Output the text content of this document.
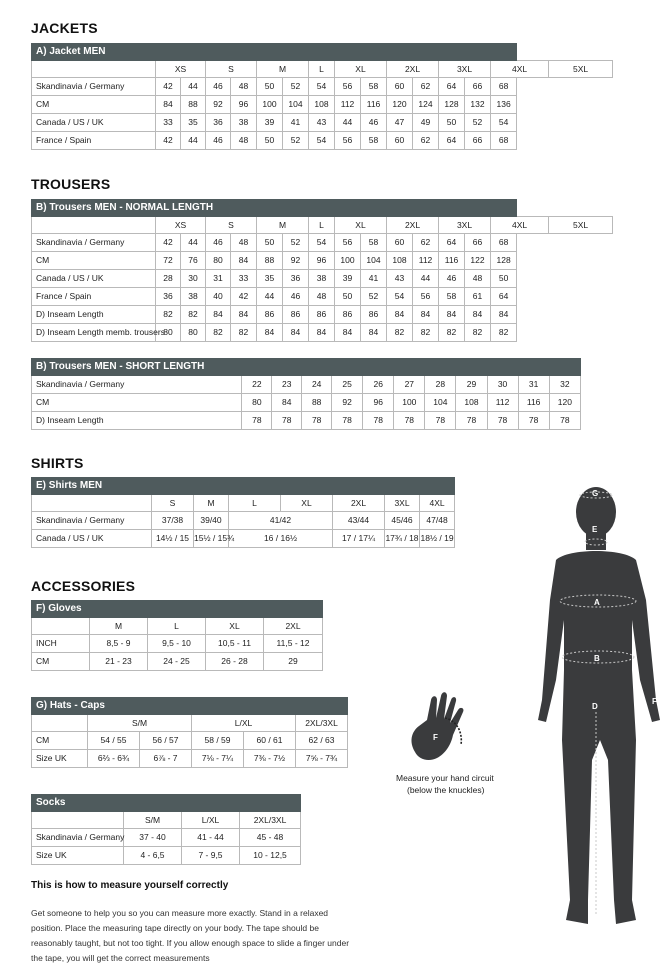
JACKETS
A) Jacket MEN															
	XS		S		M		L	XL		2XL		3XL		4XL	5XL
Skandinavia / Germany	42	44	46	48	50	52	54	56	58	60	62	64	66	68	
CM	84	88	92	96	100	104	108	112	116	120	124	128	132	136	
Canada / US / UK	33	35	36	38	39	41	43	44	46	47	49	50	52	54	
France / Spain	42	44	46	48	50	52	54	56	58	60	62	64	66	68	
TROUSERS
B) Trousers MEN - NORMAL LENGTH															
	XS		S		M		L	XL		2XL		3XL		4XL	5XL
Skandinavia / Germany	42	44	46	48	50	52	54	56	58	60	62	64	66	68	
CM	72	76	80	84	88	92	96	100	104	108	112	116	122	128	
Canada / US / UK	28	30	31	33	35	36	38	39	41	43	44	46	48	50	
France / Spain	36	38	40	42	44	46	48	50	52	54	56	58	61	64	
D) Inseam Length	82	82	84	84	86	86	86	86	86	84	84	84	84	84	
D) Inseam Length memb. trousers	80	80	82	82	84	84	84	84	84	82	82	82	82	82	
B) Trousers MEN - SHORT LENGTH											
Skandinavia / Germany	22	23	24	25	26	27	28	29	30	31	32
CM	80	84	88	92	96	100	104	108	112	116	120
D) Inseam Length	78	78	78	78	78	78	78	78	78	78	78
SHIRTS
E) Shirts MEN							
	S	M	L	XL	2XL	3XL	4XL
Skandinavia / Germany	37/38	39/40	41/42		43/44	45/46	47/48
Canada / US / UK	14½ / 15	15½ / 15¾	16 / 16½		17 / 17¼	17¾ / 18	18½ / 19
ACCESSORIES
F) Gloves				
	M	L	XL	2XL
INCH	8,5 - 9	9,5 - 10	10,5 - 11	11,5 - 12
CM	21 - 23	24 - 25	26 - 28	29
G) Hats - Caps					
	S/M		L/XL		2XL/3XL
CM	54 / 55	56 / 57	58 / 59	60 / 61	62 / 63
Size UK	6⅔ - 6¾	6⅞ - 7	7⅛ - 7¼	7⅜ - 7½	7⅝ - 7¾
Socks			
	S/M	L/XL	2XL/3XL
Skandinavia / Germany	37 - 40	41 - 44	45 - 48
Size UK	4 - 6,5	7 - 9,5	10 - 12,5
This is how to measure yourself correctly
Get someone to help you so you can measure more exactly. Stand in a relaxed position. Place the measuring tape directly on your body. The tape should be reasonably taught, but not too tight. If you allow enough space to slide a finger under the tape, you will get the correct measurements
F
Measure your hand circuit
(below the knuckles)
G
E
A
B
D
F
